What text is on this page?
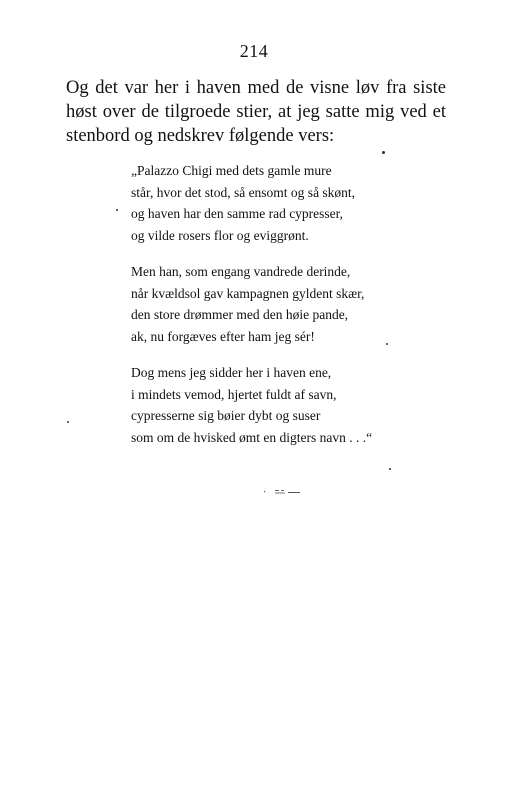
214
Og det var her i haven med de visne løv fra siste
høst over de tilgroede stier, at jeg satte mig ved et
stenbord og nedskrev følgende vers:
„Palazzo Chigi med dets gamle mure
står, hvor det stod, så ensomt og så skønt,
og haven har den samme rad cypresser,
og vilde rosers flor og eviggrønt.
Men han, som engang vandrede derinde,
når kvældsol gav kampagnen gyldent skær,
den store drømmer med den høie pande,
ak, nu forgæves efter ham jeg sér!
Dog mens jeg sidder her i haven ene,
i mindets vemod, hjertet fuldt af savn,
cypresserne sig bøier dybt og suser
som om de hvisked ømt en digters navn . . .“
